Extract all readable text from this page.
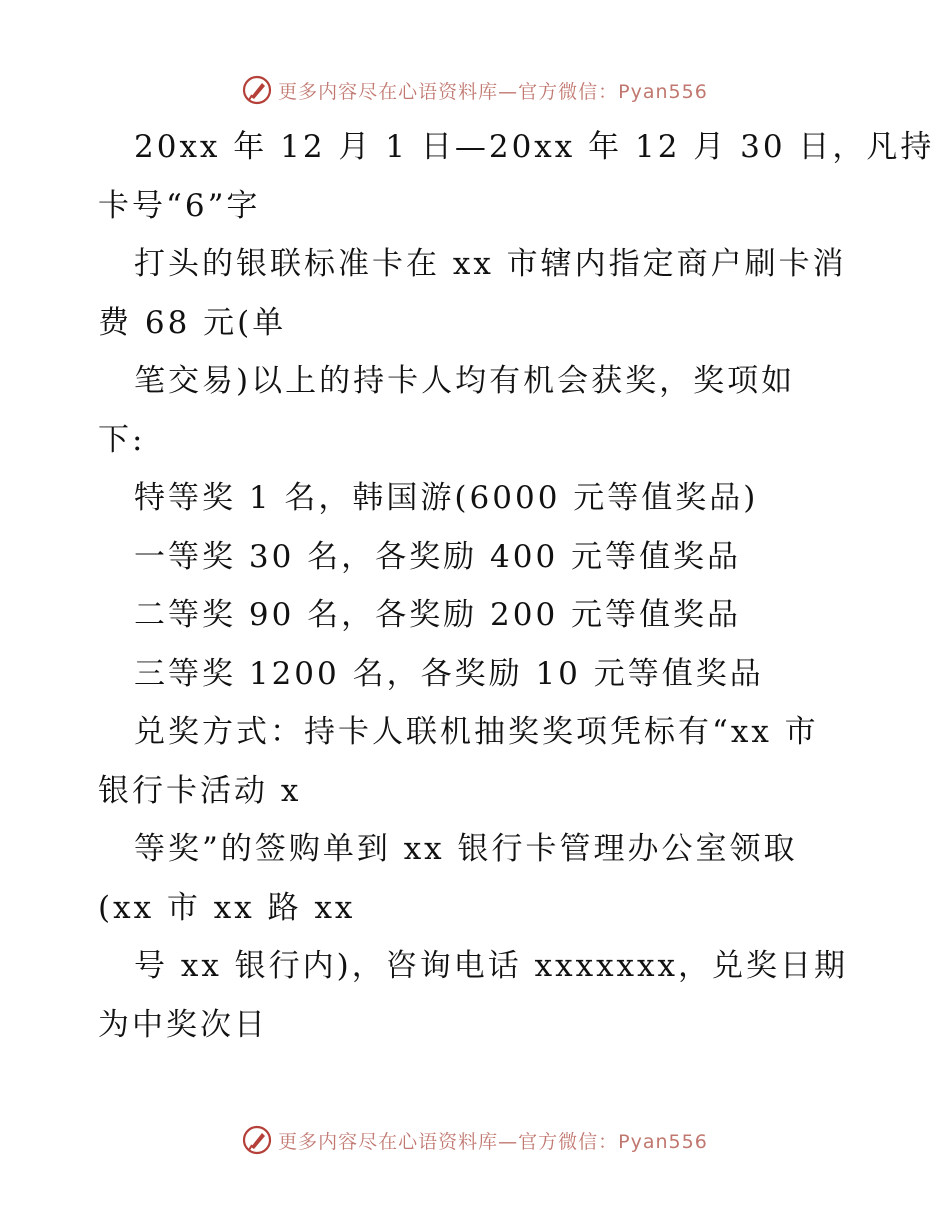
更多内容尽在心语资料库—官方微信：Pyan556
20xx 年 12 月 1 日—20xx 年 12 月 30 日，凡持
卡号“6”字
打头的银联标准卡在 xx 市辖内指定商户刷卡消
费 68 元(单
笔交易)以上的持卡人均有机会获奖，奖项如
下:
特等奖 1 名，韩国游(6000 元等值奖品)
一等奖 30 名，各奖励 400 元等值奖品
二等奖 90 名，各奖励 200 元等值奖品
三等奖 1200 名，各奖励 10 元等值奖品
兑奖方式：持卡人联机抽奖奖项凭标有“xx 市
银行卡活动 x
等奖”的签购单到 xx 银行卡管理办公室领取
(xx 市 xx 路 xx
号 xx 银行内)，咨询电话 xxxxxxx，兑奖日期
为中奖次日
更多内容尽在心语资料库—官方微信：Pyan556
